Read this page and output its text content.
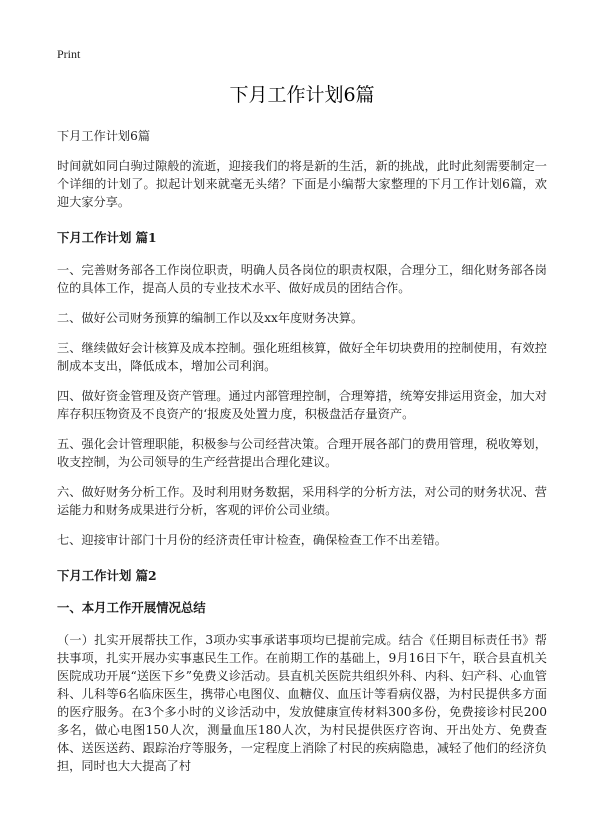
Print
下月工作计划6篇
下月工作计划6篇

时间就如同白驹过隙般的流逝，迎接我们的将是新的生活，新的挑战，此时此刻需要制定一个详细的计划了。拟起计划来就毫无头绪？下面是小编帮大家整理的下月工作计划6篇，欢迎大家分享。

下月工作计划 篇1

一、完善财务部各工作岗位职责，明确人员各岗位的职责权限，合理分工，细化财务部各岗位的具体工作，提高人员的专业技术水平、做好成员的团结合作。

二、做好公司财务预算的编制工作以及xx年度财务决算。

三、继续做好会计核算及成本控制。强化班组核算，做好全年切块费用的控制使用，有效控制成本支出，降低成本，增加公司利润。

四、做好资金管理及资产管理。通过内部管理控制，合理筹措，统筹安排运用资金，加大对库存积压物资及不良资产的‘报废及处置力度，积极盘活存量资产。

五、强化会计管理职能，积极参与公司经营决策。合理开展各部门的费用管理，税收筹划，收支控制，为公司领导的生产经营提出合理化建议。

六、做好财务分析工作。及时利用财务数据，采用科学的分析方法，对公司的财务状况、营运能力和财务成果进行分析，客观的评价公司业绩。

七、迎接审计部门十月份的经济责任审计检查，确保检查工作不出差错。

下月工作计划 篇2
一、本月工作开展情况总结

（一）扎实开展帮扶工作，3项办实事承诺事项均已提前完成。结合《任期目标责任书》帮扶事项，扎实开展办实事惠民生工作。在前期工作的基础上，9月16日下午，联合县直机关医院成功开展“送医下乡”免费义诊活动。县直机关医院共组织外科、内科、妇产科、心血管科、儿科等6名临床医生，携带心电图仪、血糖仪、血压计等看病仪器，为村民提供多方面的医疗服务。在3个多小时的义诊活动中，发放健康宣传材料300多份，免费接诊村民200多名，做心电图150人次，测量血压180人次，为村民提供医疗咨询、开出处方、免费查体、送医送药、跟踪治疗等服务，一定程度上消除了村民的疾病隐患，减轻了他们的经济负担，同时也大大提高了村
